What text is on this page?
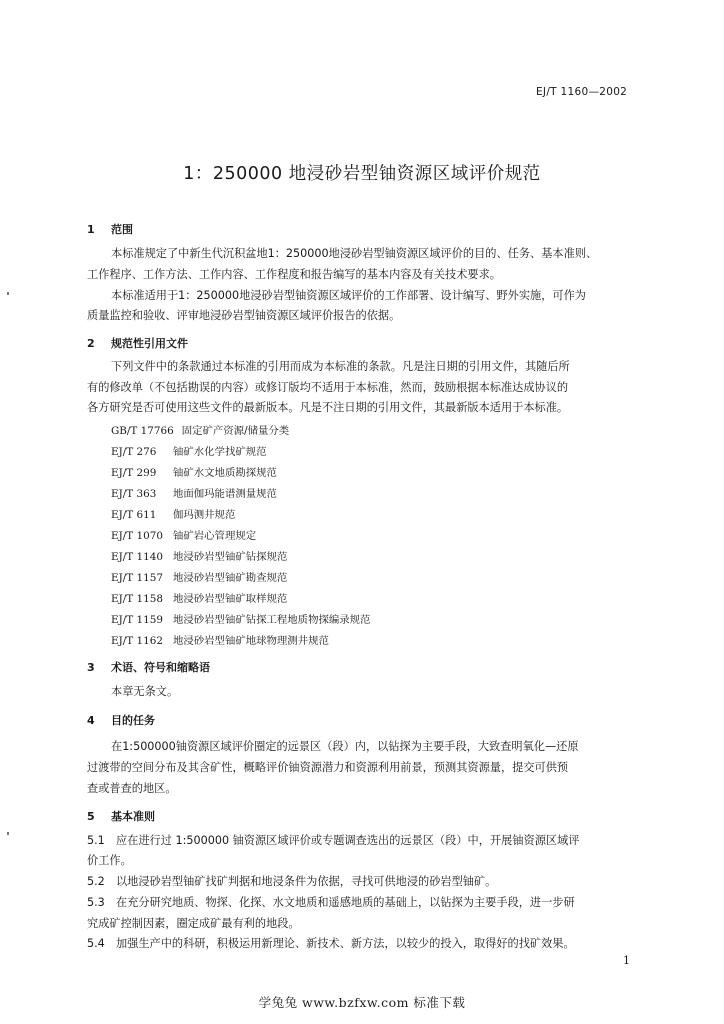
EJ/T 1160—2002
1：250000 地浸砂岩型铀资源区域评价规范
1 范围
本标准规定了中新生代沉积盆地1：250000地浸砂岩型铀资源区域评价的目的、任务、基本准则、
工作程序、工作方法、工作内容、工作程度和报告编写的基本内容及有关技术要求。
本标准适用于1：250000地浸砂岩型铀资源区域评价的工作部署、设计编写、野外实施，可作为
质量监控和验收、评审地浸砂岩型铀资源区域评价报告的依据。
2 规范性引用文件
下列文件中的条款通过本标准的引用而成为本标准的条款。凡是注日期的引用文件，其随后所
有的修改单（不包括勘误的内容）或修订版均不适用于本标准，然而，鼓励根据本标准达成协议的
各方研究是否可使用这些文件的最新版本。凡是不注日期的引用文件，其最新版本适用于本标准。
GB/T 17766 固定矿产资源/储量分类
EJ/T 276 铀矿水化学找矿规范
EJ/T 299 铀矿水文地质勘探规范
EJ/T 363 地面伽玛能谱测量规范
EJ/T 611 伽玛测井规范
EJ/T 1070 铀矿岩心管理规定
EJ/T 1140 地浸砂岩型铀矿钻探规范
EJ/T 1157 地浸砂岩型铀矿勘查规范
EJ/T 1158 地浸砂岩型铀矿取样规范
EJ/T 1159 地浸砂岩型铀矿钻探工程地质物探编录规范
EJ/T 1162 地浸砂岩型铀矿地球物理测井规范
3 术语、符号和缩略语
本章无条文。
4 目的任务
在1:500000铀资源区域评价圈定的远景区（段）内，以钻探为主要手段，大致查明氧化—还原
过渡带的空间分布及其含矿性，概略评价铀资源潜力和资源利用前景，预测其资源量，提交可供预
查或普查的地区。
5 基本准则
5.1　应在进行过 1:500000 铀资源区域评价或专题调查选出的远景区（段）中，开展铀资源区域评
价工作。
5.2　以地浸砂岩型铀矿找矿判据和地浸条件为依据，寻找可供地浸的砂岩型铀矿。
5.3　在充分研究地质、物探、化探、水文地质和遥感地质的基础上，以钻探为主要手段，进一步研
究成矿控制因素，圈定成矿最有利的地段。
5.4　加强生产中的科研，积极运用新理论、新技术、新方法，以较少的投入，取得好的找矿效果。
1
学兔兔 www.bzfxw.com 标准下载
